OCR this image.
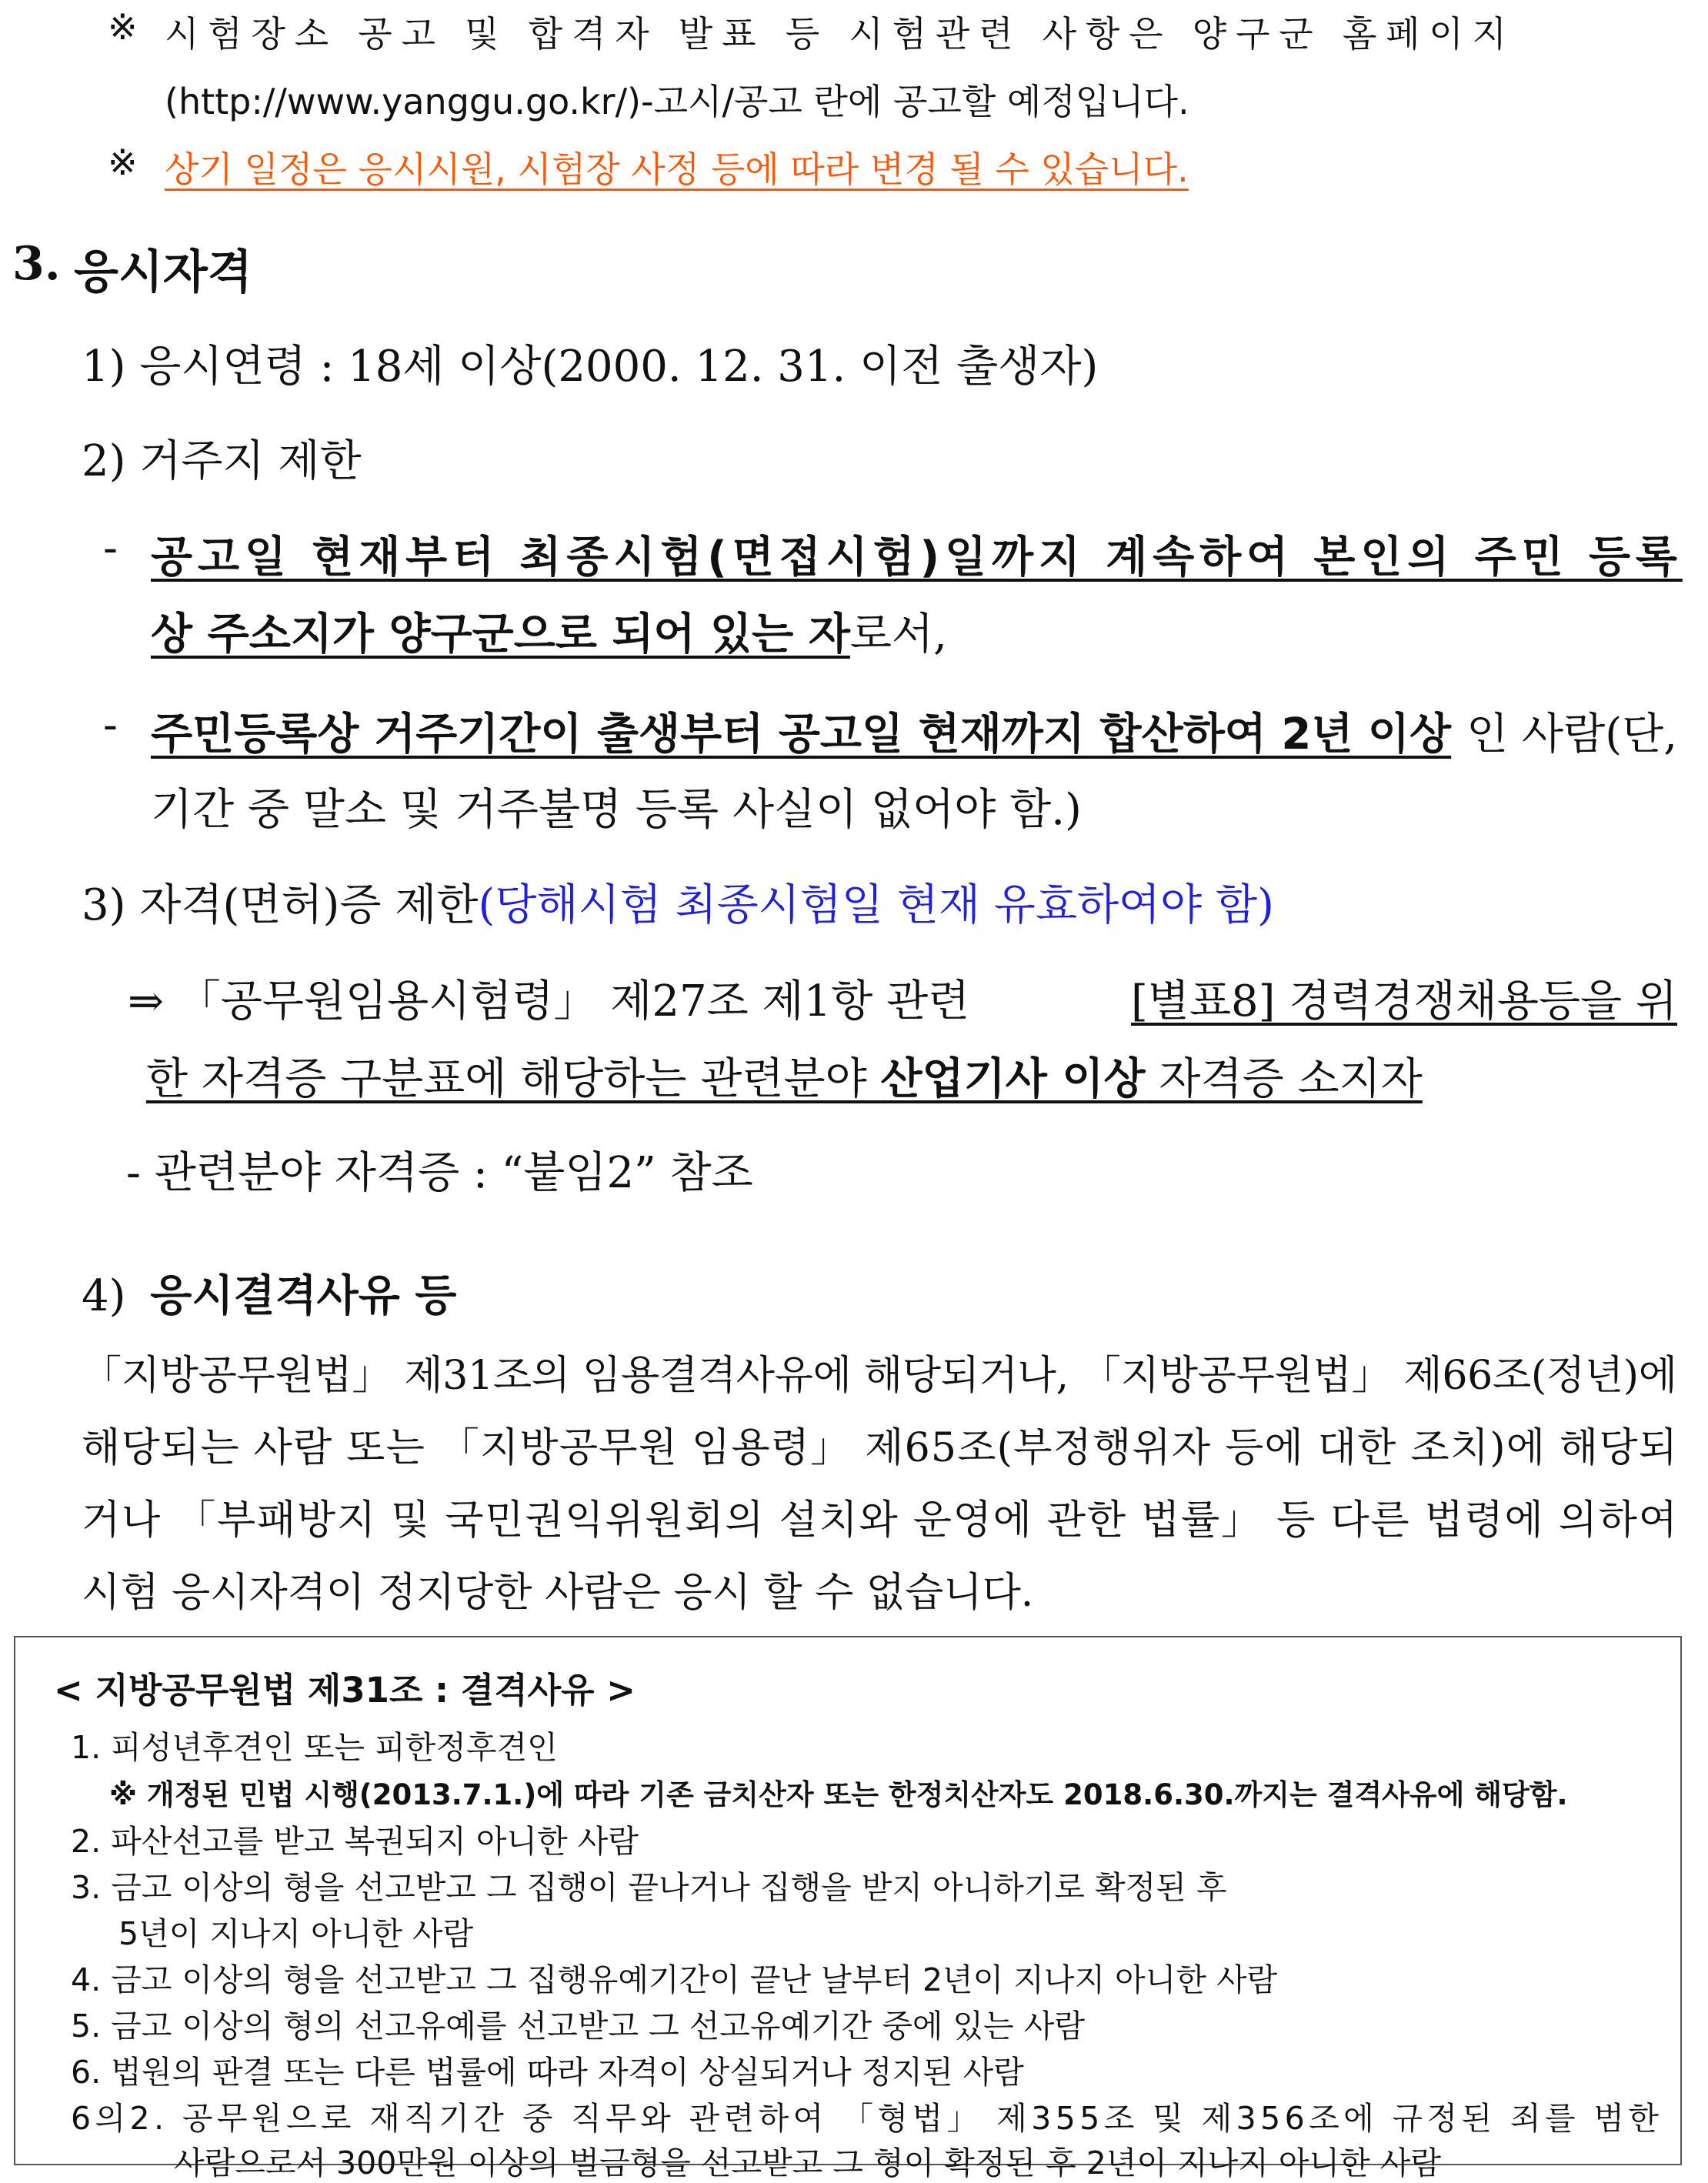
※ 시험장소 공고 및 합격자 발표 등 시험관련 사항은 양구군 홈페이지
(http://www.yanggu.go.kr/)-고시/공고 란에 공고할 예정입니다.
※ 상기 일정은 응시시원, 시험장 사정 등에 따라 변경 될 수 있습니다.
3. 응시자격
1) 응시연령 : 18세 이상(2000. 12. 31. 이전 출생자)
2) 거주지 제한
- 공고일 현재부터 최종시험(면접시험)일까지 계속하여 본인의 주민 등록
상 주소지가 양구군으로 되어 있는 자로서,
- 주민등록상 거주기간이 출생부터 공고일 현재까지 합산하여 2년 이상 인 사람(단,
기간 중 말소 및 거주불명 등록 사실이 없어야 함.)
3) 자격(면허)증 제한(당해시험 최종시험일 현재 유효하여야 함)
⇒ 「공무원임용시험령」 제27조 제1항 관련	[별표8] 경력경쟁채용등을 위
한 자격증 구분표에 해당하는 관련분야 산업기사 이상 자격증 소지자
- 관련분야 자격증 : “붙임2” 참조
4) 응시결격사유 등
「지방공무원법」 제31조의 임용결격사유에 해당되거나, 「지방공무원법」 제66조(정년)에
해당되는 사람 또는 「지방공무원 임용령」 제65조(부정행위자 등에 대한 조치)에 해당되
거나 「부패방지 및 국민권익위원회의 설치와 운영에 관한 법률」 등 다른 법령에 의하여
시험 응시자격이 정지당한 사람은 응시 할 수 없습니다.
< 지방공무원법 제31조 : 결격사유 >
1. 피성년후견인 또는 피한정후견인
※ 개정된 민법 시행(2013.7.1.)에 따라 기존 금치산자 또는 한정치산자도 2018.6.30.까지는 결격사유에 해당함.
2. 파산선고를 받고 복권되지 아니한 사람
3. 금고 이상의 형을 선고받고 그 집행이 끝나거나 집행을 받지 아니하기로 확정된 후
5년이 지나지 아니한 사람
4. 금고 이상의 형을 선고받고 그 집행유예기간이 끝난 날부터 2년이 지나지 아니한 사람
5. 금고 이상의 형의 선고유예를 선고받고 그 선고유예기간 중에 있는 사람
6. 법원의 판결 또는 다른 법률에 따라 자격이 상실되거나 정지된 사람
6의2. 공무원으로 재직기간 중 직무와 관련하여 「형법」 제355조 및 제356조에 규정된 죄를 범한
사람으로서 300만원 이상의 벌금형을 선고받고 그 형이 확정된 후 2년이 지나지 아니한 사람
